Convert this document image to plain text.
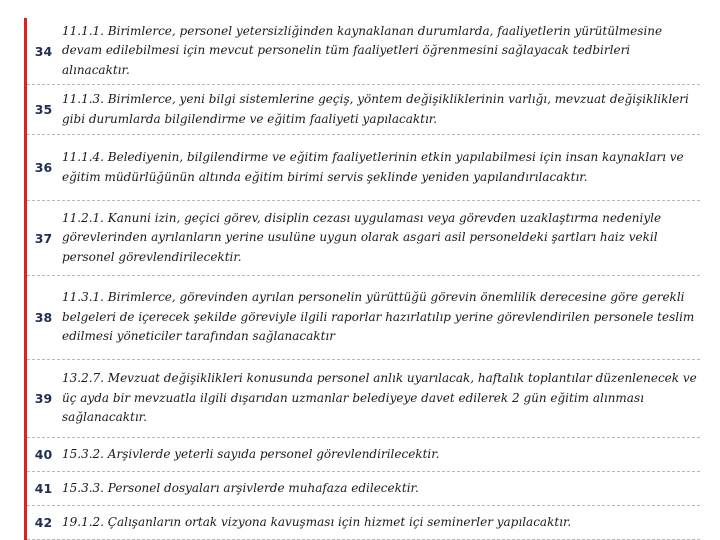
34
11.1.1. Birimlerce, personel yetersizliğinden kaynaklanan durumlarda, faaliyetlerin yürütülmesine devam edilebilmesi için mevcut personelin tüm faaliyetleri öğrenmesini sağlayacak tedbirleri alınacaktır.
35
11.1.3. Birimlerce, yeni bilgi sistemlerine geçiş, yöntem değişikliklerinin varlığı, mevzuat değişiklikleri gibi durumlarda bilgilendirme ve eğitim faaliyeti yapılacaktır.
36
11.1.4. Belediyenin, bilgilendirme ve eğitim faaliyetlerinin etkin yapılabilmesi için insan kaynakları ve eğitim müdürlüğünün altında eğitim birimi servis şeklinde yeniden yapılandırılacaktır.
37
11.2.1. Kanuni izin, geçici görev, disiplin cezası uygulaması veya görevden uzaklaştırma nedeniyle görevlerinden ayrılanların yerine usulüne uygun olarak asgari asil personeldeki şartları haiz vekil personel görevlendirilecektir.
38
11.3.1. Birimlerce, görevinden ayrılan personelin yürüttüğü görevin önemlilik derecesine göre gerekli belgeleri de içerecek şekilde göreviyle ilgili raporlar hazırlatılıp yerine görevlendirilen personele teslim edilmesi yöneticiler tarafından sağlanacaktır
39
13.2.7. Mevzuat değişiklikleri konusunda personel anlık uyarılacak, haftalık toplantılar düzenlenecek ve üç ayda bir mevzuatla ilgili dışarıdan uzmanlar belediyeye davet edilerek 2 gün eğitim alınması sağlanacaktır.
40 15.3.2. Arşivlerde yeterli sayıda personel görevlendirilecektir.
41 15.3.3. Personel dosyaları arşivlerde muhafaza edilecektir.
42 19.1.2. Çalışanların ortak vizyona kavuşması için hizmet içi seminerler yapılacaktır.
